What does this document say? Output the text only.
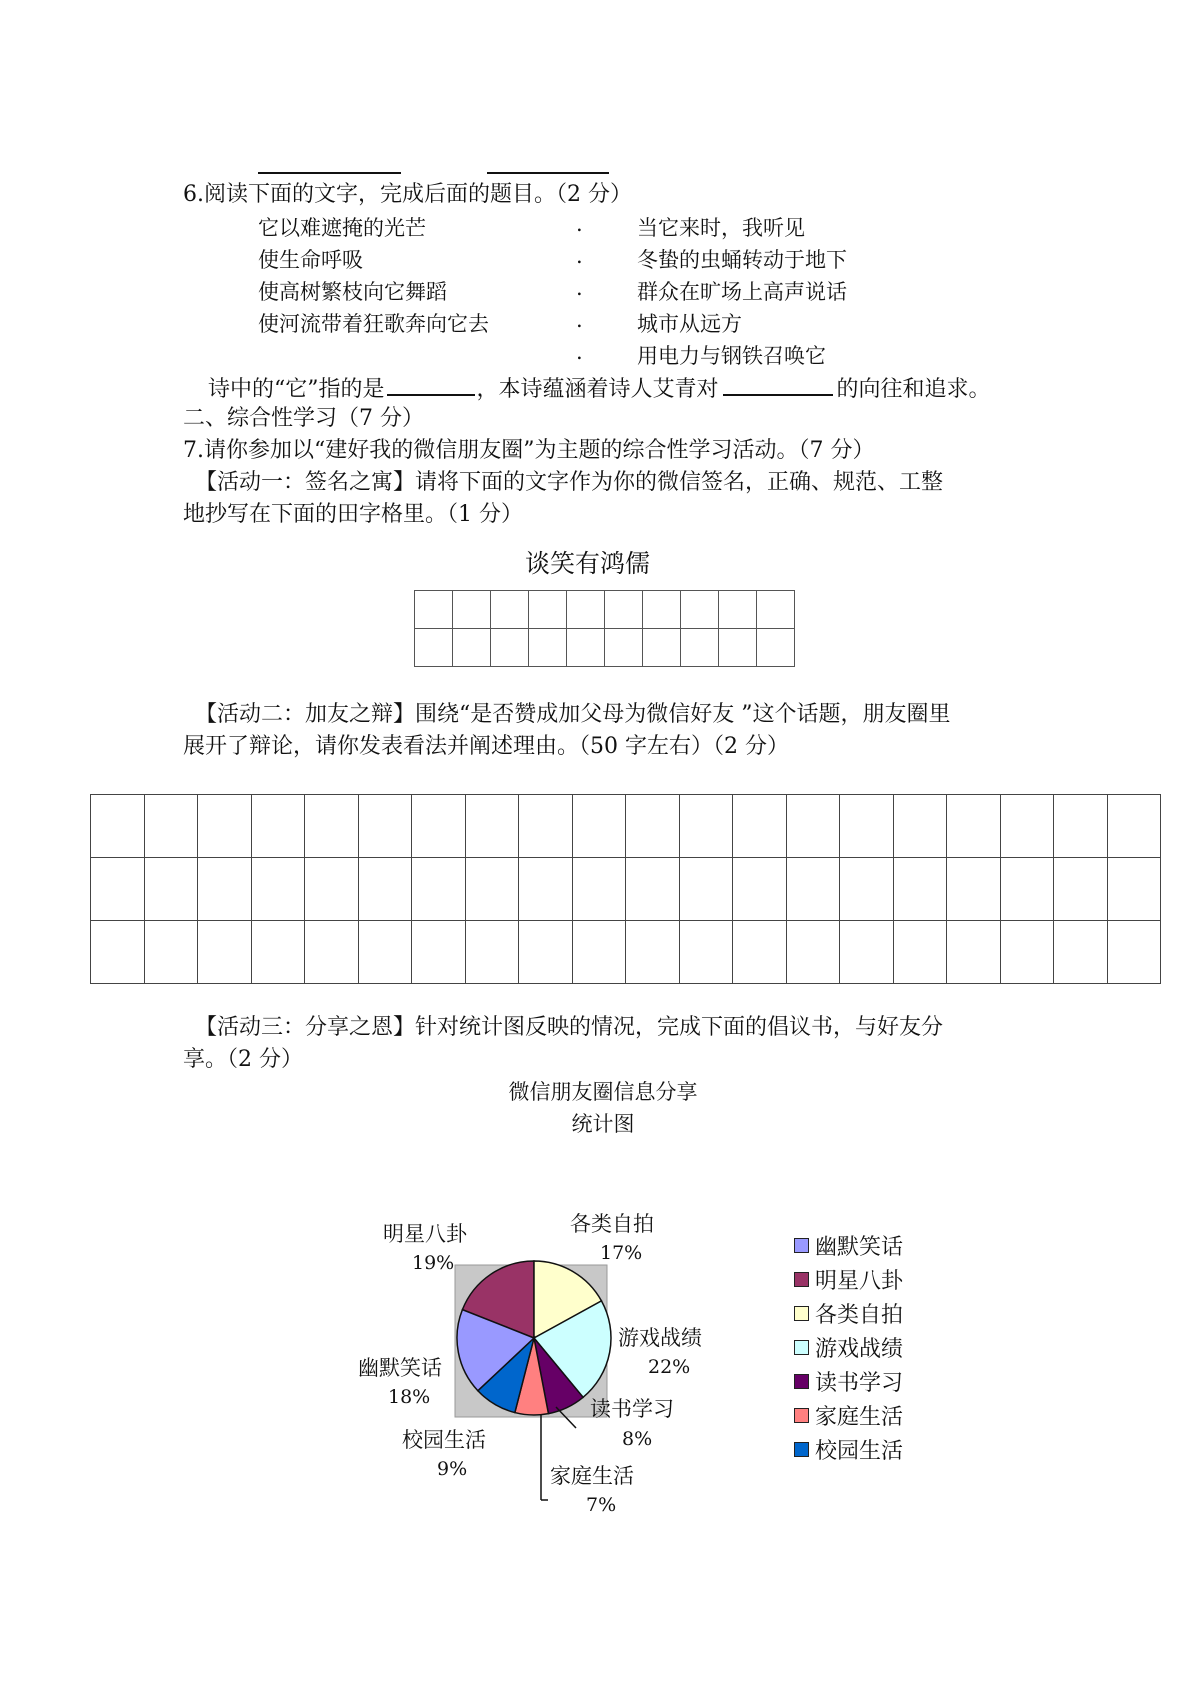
6.阅读下面的文字，完成后面的题目。（2 分）
它以难遮掩的光芒
使生命呼吸
使高树繁枝向它舞蹈
使河流带着狂歌奔向它去
.
.
.
.
.
当它来时，我听见
冬蛰的虫蛹转动于地下
群众在旷场上高声说话
城市从远方
用电力与钢铁召唤它
诗中的“它”指的是	，本诗蕴涵着诗人艾青对	的向往和追求。
二、综合性学习（7 分）
7.请你参加以“建好我的微信朋友圈”为主题的综合性学习活动。（7 分）
【活动一：签名之寓】请将下面的文字作为你的微信签名，正确、规范、工整
地抄写在下面的田字格里。（1 分）
谈笑有鸿儒

【活动二：加友之辩】围绕“是否赞成加父母为微信好友 ”这个话题，朋友圈里
展开了辩论，请你发表看法并阐述理由。（50 字左右）（2 分）

【活动三：分享之恩】针对统计图反映的情况，完成下面的倡议书，与好友分
享。（2 分）
微信朋友圈信息分享
统计图
明星八卦
19%
各类自拍
17%
游戏战绩
22%
幽默笑话
18%	读书学习
8%
校园生活
9%	家庭生活
7%
幽默笑话
明星八卦
各类自拍
游戏战绩
读书学习
家庭生活
校园生活
